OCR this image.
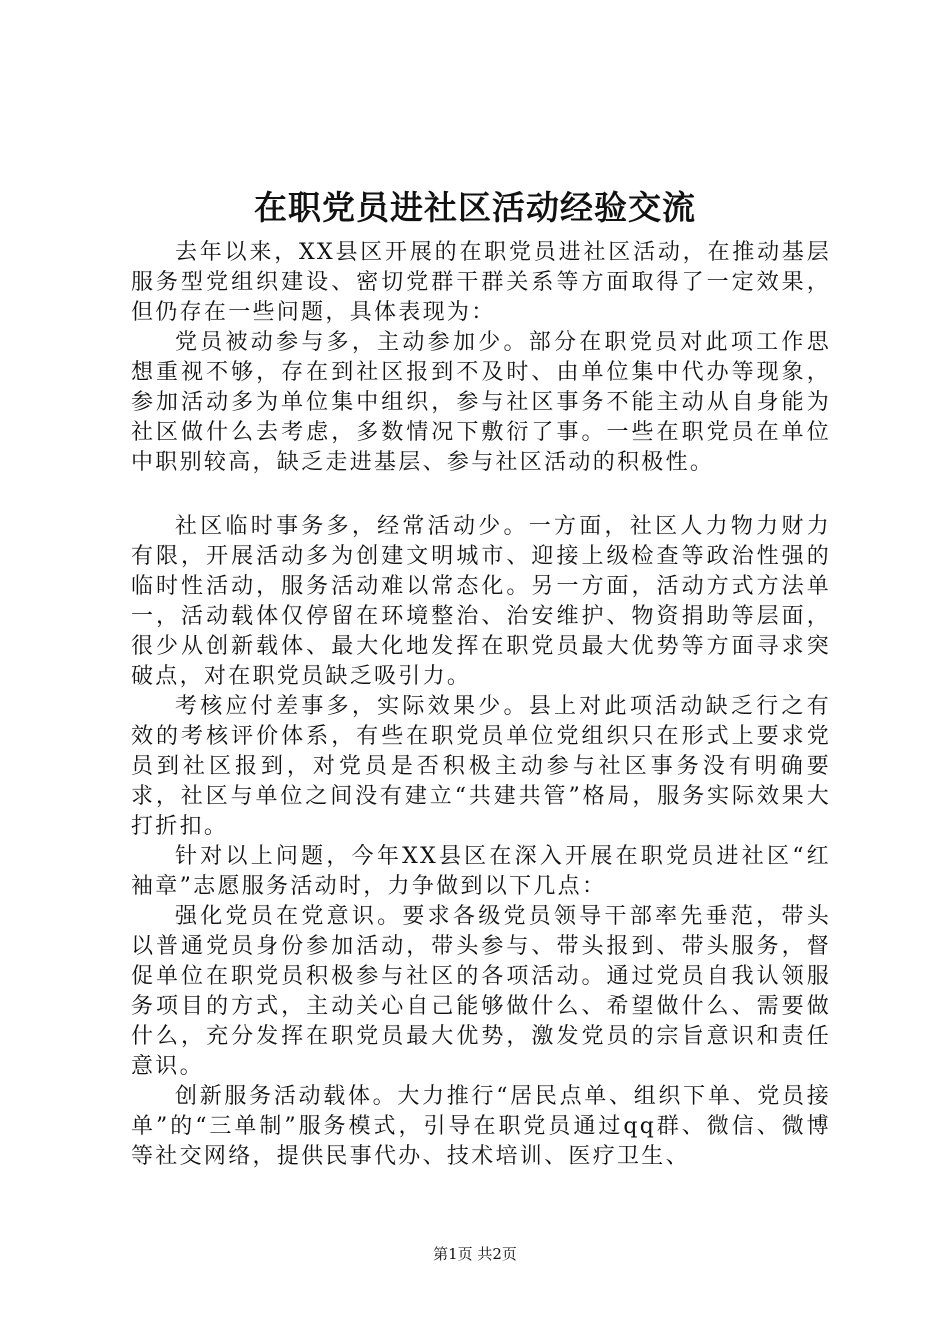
在职党员进社区活动经验交流

去年以来，XX县区开展的在职党员进社区活动，在推动基层服务型党组织建设、密切党群干群关系等方面取得了一定效果，但仍存在一些问题，具体表现为：

党员被动参与多，主动参加少。部分在职党员对此项工作思想重视不够，存在到社区报到不及时、由单位集中代办等现象，参加活动多为单位集中组织，参与社区事务不能主动从自身能为社区做什么去考虑，多数情况下敷衍了事。一些在职党员在单位中职别较高，缺乏走进基层、参与社区活动的积极性。

社区临时事务多，经常活动少。一方面，社区人力物力财力有限，开展活动多为创建文明城市、迎接上级检查等政治性强的临时性活动，服务活动难以常态化。另一方面，活动方式方法单一，活动载体仅停留在环境整治、治安维护、物资捐助等层面，很少从创新载体、最大化地发挥在职党员最大优势等方面寻求突破点，对在职党员缺乏吸引力。

考核应付差事多，实际效果少。县上对此项活动缺乏行之有效的考核评价体系，有些在职党员单位党组织只在形式上要求党员到社区报到，对党员是否积极主动参与社区事务没有明确要求，社区与单位之间没有建立“共建共管”格局，服务实际效果大打折扣。

针对以上问题，今年XX县区在深入开展在职党员进社区“红袖章”志愿服务活动时，力争做到以下几点：

强化党员在党意识。要求各级党员领导干部率先垂范，带头以普通党员身份参加活动，带头参与、带头报到、带头服务，督促单位在职党员积极参与社区的各项活动。通过党员自我认领服务项目的方式，主动关心自己能够做什么、希望做什么、需要做什么，充分发挥在职党员最大优势，激发党员的宗旨意识和责任意识。

创新服务活动载体。大力推行“居民点单、组织下单、党员接单”的“三单制”服务模式，引导在职党员通过qq群、微信、微博等社交网络，提供民事代办、技术培训、医疗卫生、

第1页 共2页
